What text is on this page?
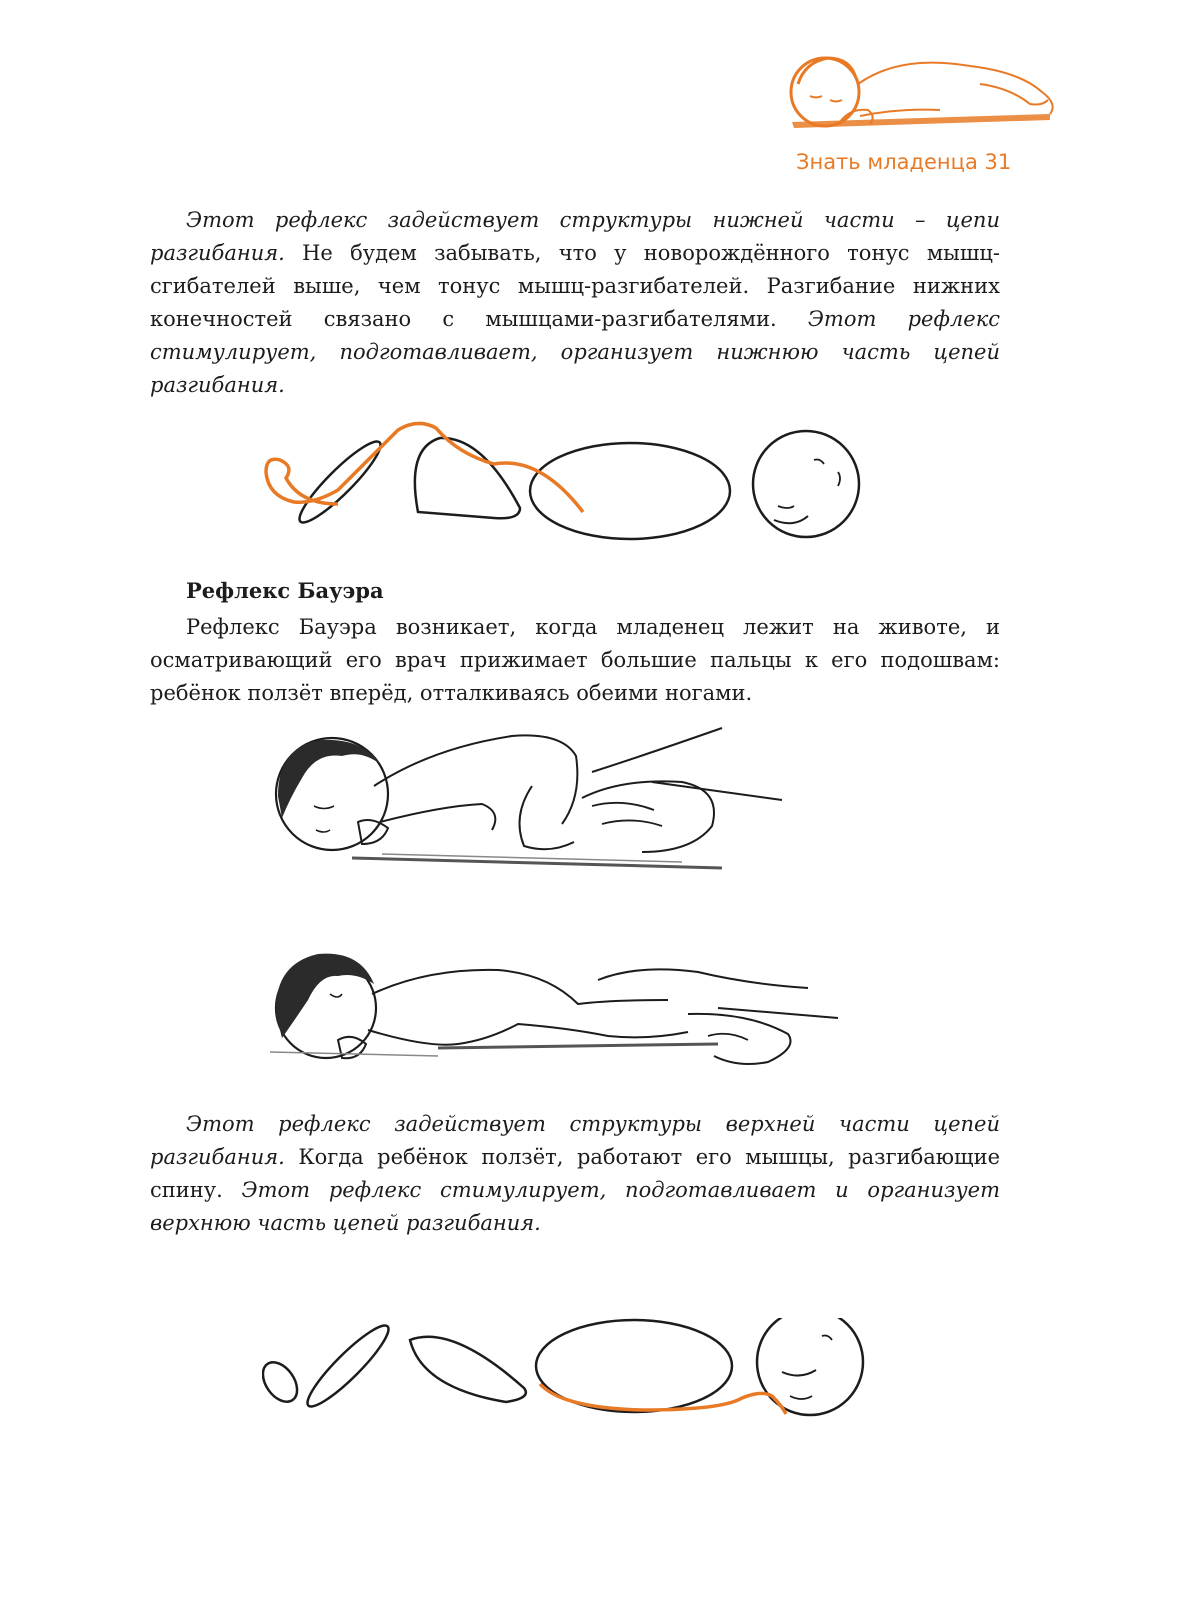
Знать младенца 31

Этот рефлекс задействует структуры нижней части – цепи разгибания. Не будем забывать, что у новорождённого тонус мышц-сгибателей выше, чем тонус мышц-разгибателей. Разгибание нижних конечностей связано с мышцами-разгибателями. Этот рефлекс стимулирует, подготавливает, организует нижнюю часть цепей разгибания.

Рефлекс Бауэра

Рефлекс Бауэра возникает, когда младенец лежит на животе, и осматривающий его врач прижимает большие пальцы к его подошвам: ребёнок ползёт вперёд, отталкиваясь обеими ногами.

Этот рефлекс задействует структуры верхней части цепей разгибания. Когда ребёнок ползёт, работают его мышцы, разгибающие спину. Этот рефлекс стимулирует, подготавливает и организует верхнюю часть цепей разгибания.
